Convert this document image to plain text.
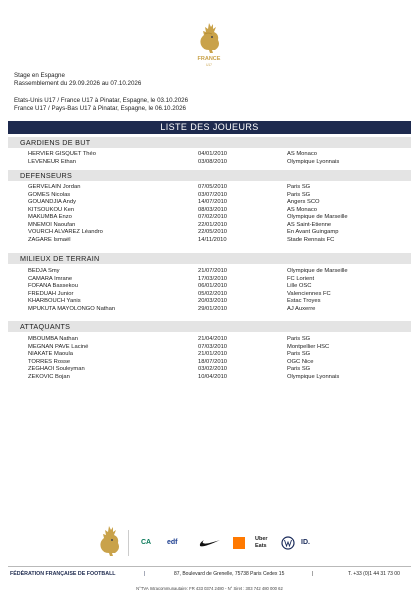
FRANCE
U17
Stage en Espagne
Rassemblement du 29.09.2026 au 07.10.2026
Etats-Unis U17 / France U17 à Pinatar, Espagne, le 03.10.2026
France U17 / Pays-Bas U17 à Pinatar, Espagne, le 06.10.2026
LISTE DES JOUEURS
GARDIENS DE BUT
HERVIER GISQUET Théo	04/01/2010	AS Monaco
LEVENEUR Ethan	03/08/2010	Olympique Lyonnais
DEFENSEURS
GERVELAIN Jordan	07/05/2010	Paris SG
GOMES Nicolas	03/07/2010	Paris SG
GOUANDJIA Andy	14/07/2010	Angers SCO
KITSOUKOU Ken	08/03/2010	AS Monaco
MAKUMBA Enzo	07/02/2010	Olympique de Marseille
MNEMOI Naoufan	22/01/2010	AS Saint-Etienne
VOURCH ALVAREZ Léandro	22/05/2010	En Avant Guingamp
ZAGARE Ismaël	14/11/2010	Stade Rennais FC
MILIEUX DE TERRAIN
BEDJA Smy	21/07/2010	Olympique de Marseille
CAMARA Imrane	17/03/2010	FC Lorient
FOFANA Bassekou	06/01/2010	Lille OSC
FREDUAH Junior	05/02/2010	Valenciennes FC
KHARBOUCH Yanis	20/03/2010	Estac Troyes
MPUKUTA MAYOLONGO Nathan	29/01/2010	AJ Auxerre
ATTAQUANTS
MBOUMBA Nathan	21/04/2010	Paris SG
MEGNAN PAVE Laciné	07/03/2010	Montpellier HSC
NIAKATE Maoula	21/01/2010	Paris SG
TORRES Rosse	18/07/2010	OGC Nice
ZEGHAOI Souleyman	03/02/2010	Paris SG
ZEKOVIC Bojan	10/04/2010	Olympique Lyonnais
CA edf	Uber Eats	ID.
FÉDÉRATION FRANÇAISE DE FOOTBALL	|	87, Boulevard de Grenelle, 75738 Paris Cedex 15	|	T. +33 (0)1 44 31 73 00
N°TVA Intracommunautaire: FR 433 0374 2480 - N° Siret : 303 742 480 000 62
